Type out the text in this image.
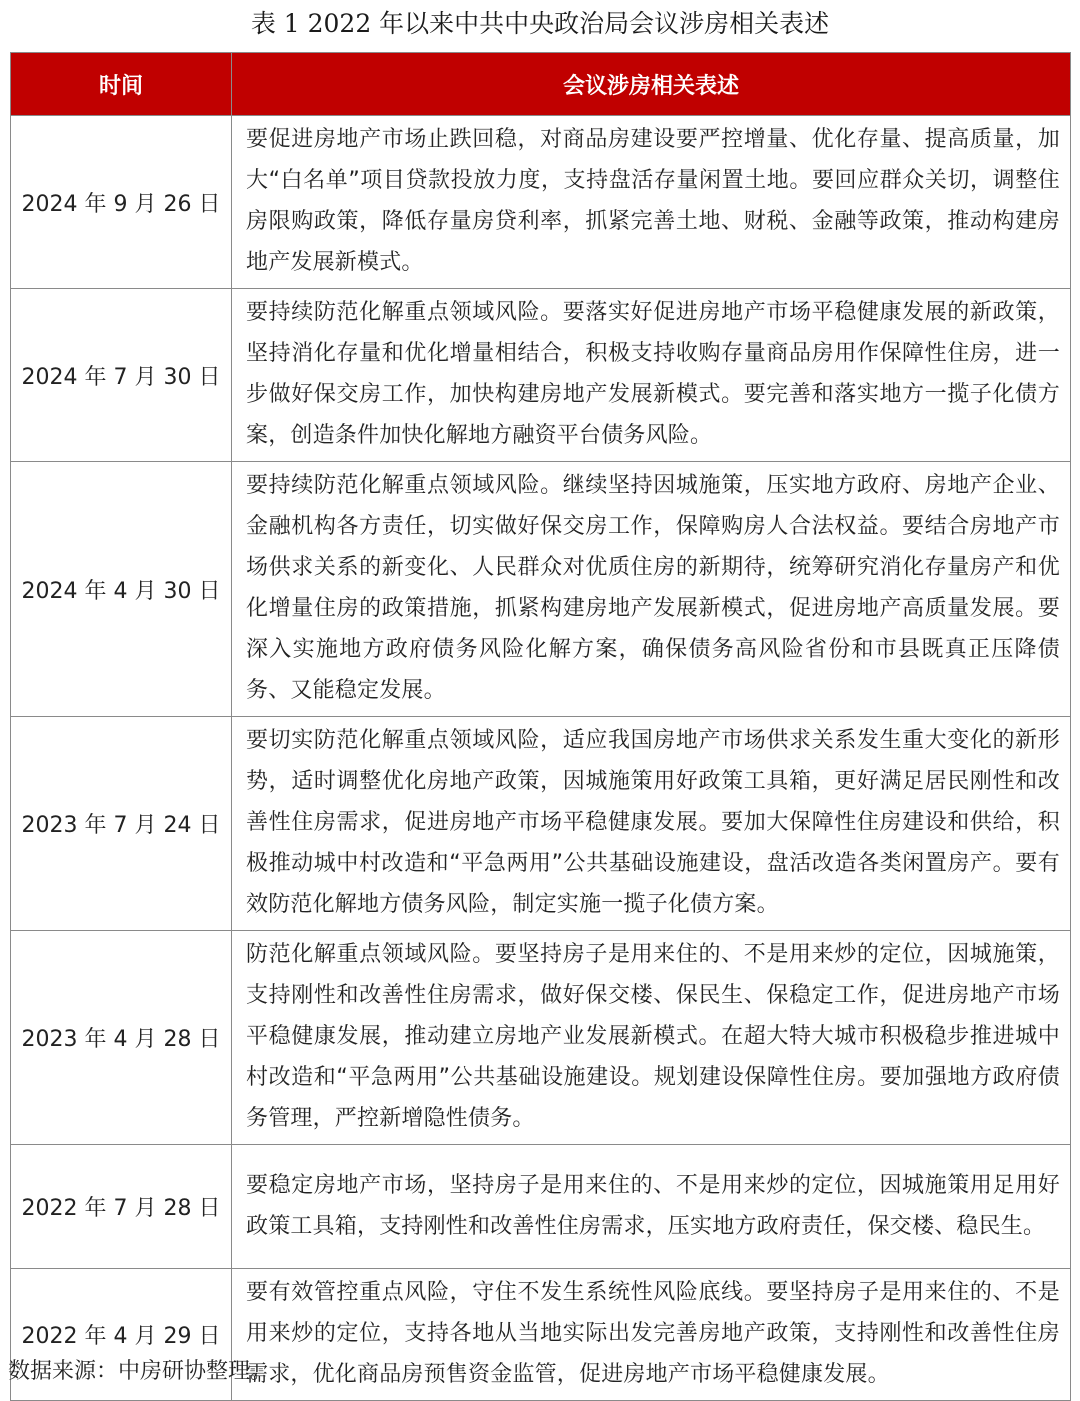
表 1 2022 年以来中共中央政治局会议涉房相关表述
时间	会议涉房相关表述
2024 年 9 月 26 日	要促进房地产市场止跌回稳，对商品房建设要严控增量、优化存量、提高质量，加大“白名单”项目贷款投放力度，支持盘活存量闲置土地。要回应群众关切，调整住房限购政策，降低存量房贷利率，抓紧完善土地、财税、金融等政策，推动构建房地产发展新模式。
2024 年 7 月 30 日	要持续防范化解重点领域风险。要落实好促进房地产市场平稳健康发展的新政策，坚持消化存量和优化增量相结合，积极支持收购存量商品房用作保障性住房，进一步做好保交房工作，加快构建房地产发展新模式。要完善和落实地方一揽子化债方案，创造条件加快化解地方融资平台债务风险。
2024 年 4 月 30 日	要持续防范化解重点领域风险。继续坚持因城施策，压实地方政府、房地产企业、金融机构各方责任，切实做好保交房工作，保障购房人合法权益。要结合房地产市场供求关系的新变化、人民群众对优质住房的新期待，统筹研究消化存量房产和优化增量住房的政策措施，抓紧构建房地产发展新模式，促进房地产高质量发展。要深入实施地方政府债务风险化解方案，确保债务高风险省份和市县既真正压降债务、又能稳定发展。
2023 年 7 月 24 日	要切实防范化解重点领域风险，适应我国房地产市场供求关系发生重大变化的新形势，适时调整优化房地产政策，因城施策用好政策工具箱，更好满足居民刚性和改善性住房需求，促进房地产市场平稳健康发展。要加大保障性住房建设和供给，积极推动城中村改造和“平急两用”公共基础设施建设，盘活改造各类闲置房产。要有效防范化解地方债务风险，制定实施一揽子化债方案。
2023 年 4 月 28 日	防范化解重点领域风险。要坚持房子是用来住的、不是用来炒的定位，因城施策，支持刚性和改善性住房需求，做好保交楼、保民生、保稳定工作，促进房地产市场平稳健康发展，推动建立房地产业发展新模式。在超大特大城市积极稳步推进城中村改造和“平急两用”公共基础设施建设。规划建设保障性住房。要加强地方政府债务管理，严控新增隐性债务。
2022 年 7 月 28 日	要稳定房地产市场，坚持房子是用来住的、不是用来炒的定位，因城施策用足用好政策工具箱，支持刚性和改善性住房需求，压实地方政府责任，保交楼、稳民生。
2022 年 4 月 29 日	要有效管控重点风险，守住不发生系统性风险底线。要坚持房子是用来住的、不是用来炒的定位，支持各地从当地实际出发完善房地产政策，支持刚性和改善性住房需求，优化商品房预售资金监管，促进房地产市场平稳健康发展。
数据来源：中房研协整理。
